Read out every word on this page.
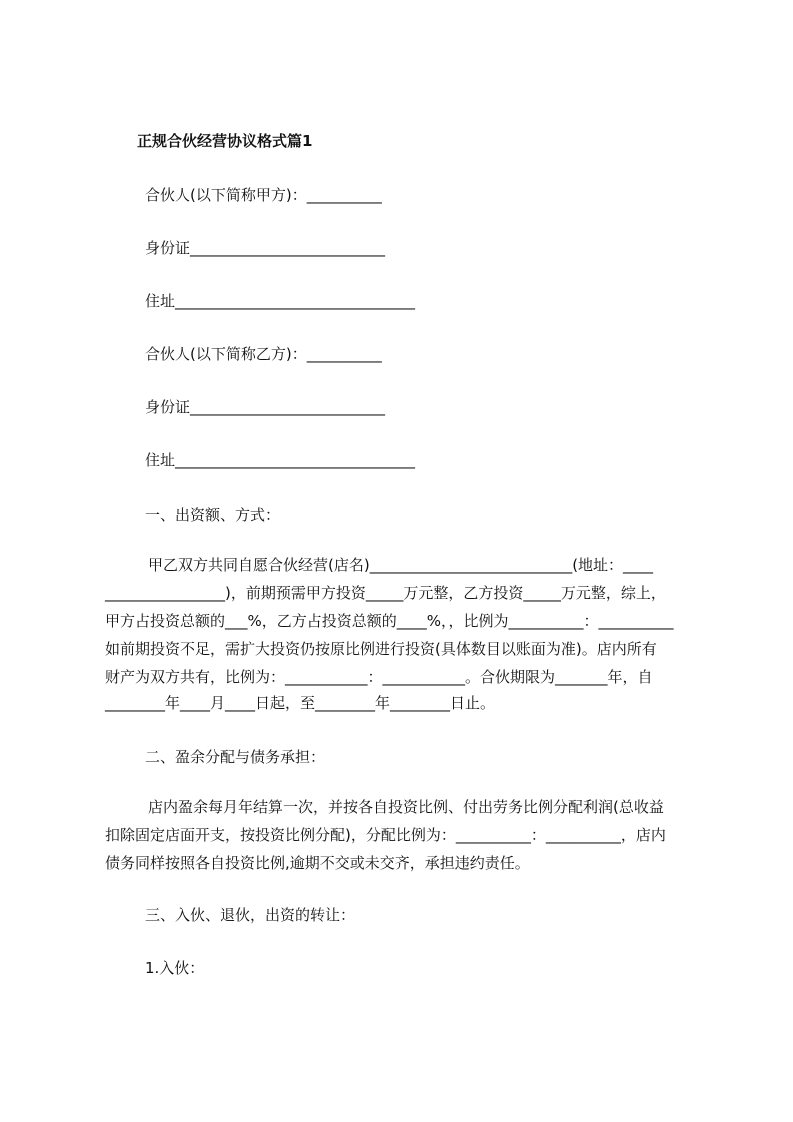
正规合伙经营协议格式篇1
合伙人(以下简称甲方)：__________
身份证__________________________
住址________________________________
合伙人(以下简称乙方)：__________
身份证__________________________
住址________________________________
一、出资额、方式：
甲乙双方共同自愿合伙经营(店名)___________________________(地址：____
________________)，前期预需甲方投资_____万元整，乙方投资_____万元整，综上，
甲方占投资总额的___%，乙方占投资总额的____%，，比例为__________：__________
如前期投资不足，需扩大投资仍按原比例进行投资(具体数目以账面为准)。店内所有
财产为双方共有，比例为：___________：___________。合伙期限为_______年，自
________年____月____日起，至________年________日止。
二、盈余分配与债务承担：
店内盈余每月年结算一次，并按各自投资比例、付出劳务比例分配利润(总收益
扣除固定店面开支，按投资比例分配)，分配比例为：__________：__________，店内
债务同样按照各自投资比例,逾期不交或未交齐，承担违约责任。
三、入伙、退伙，出资的转让：
1.入伙：
